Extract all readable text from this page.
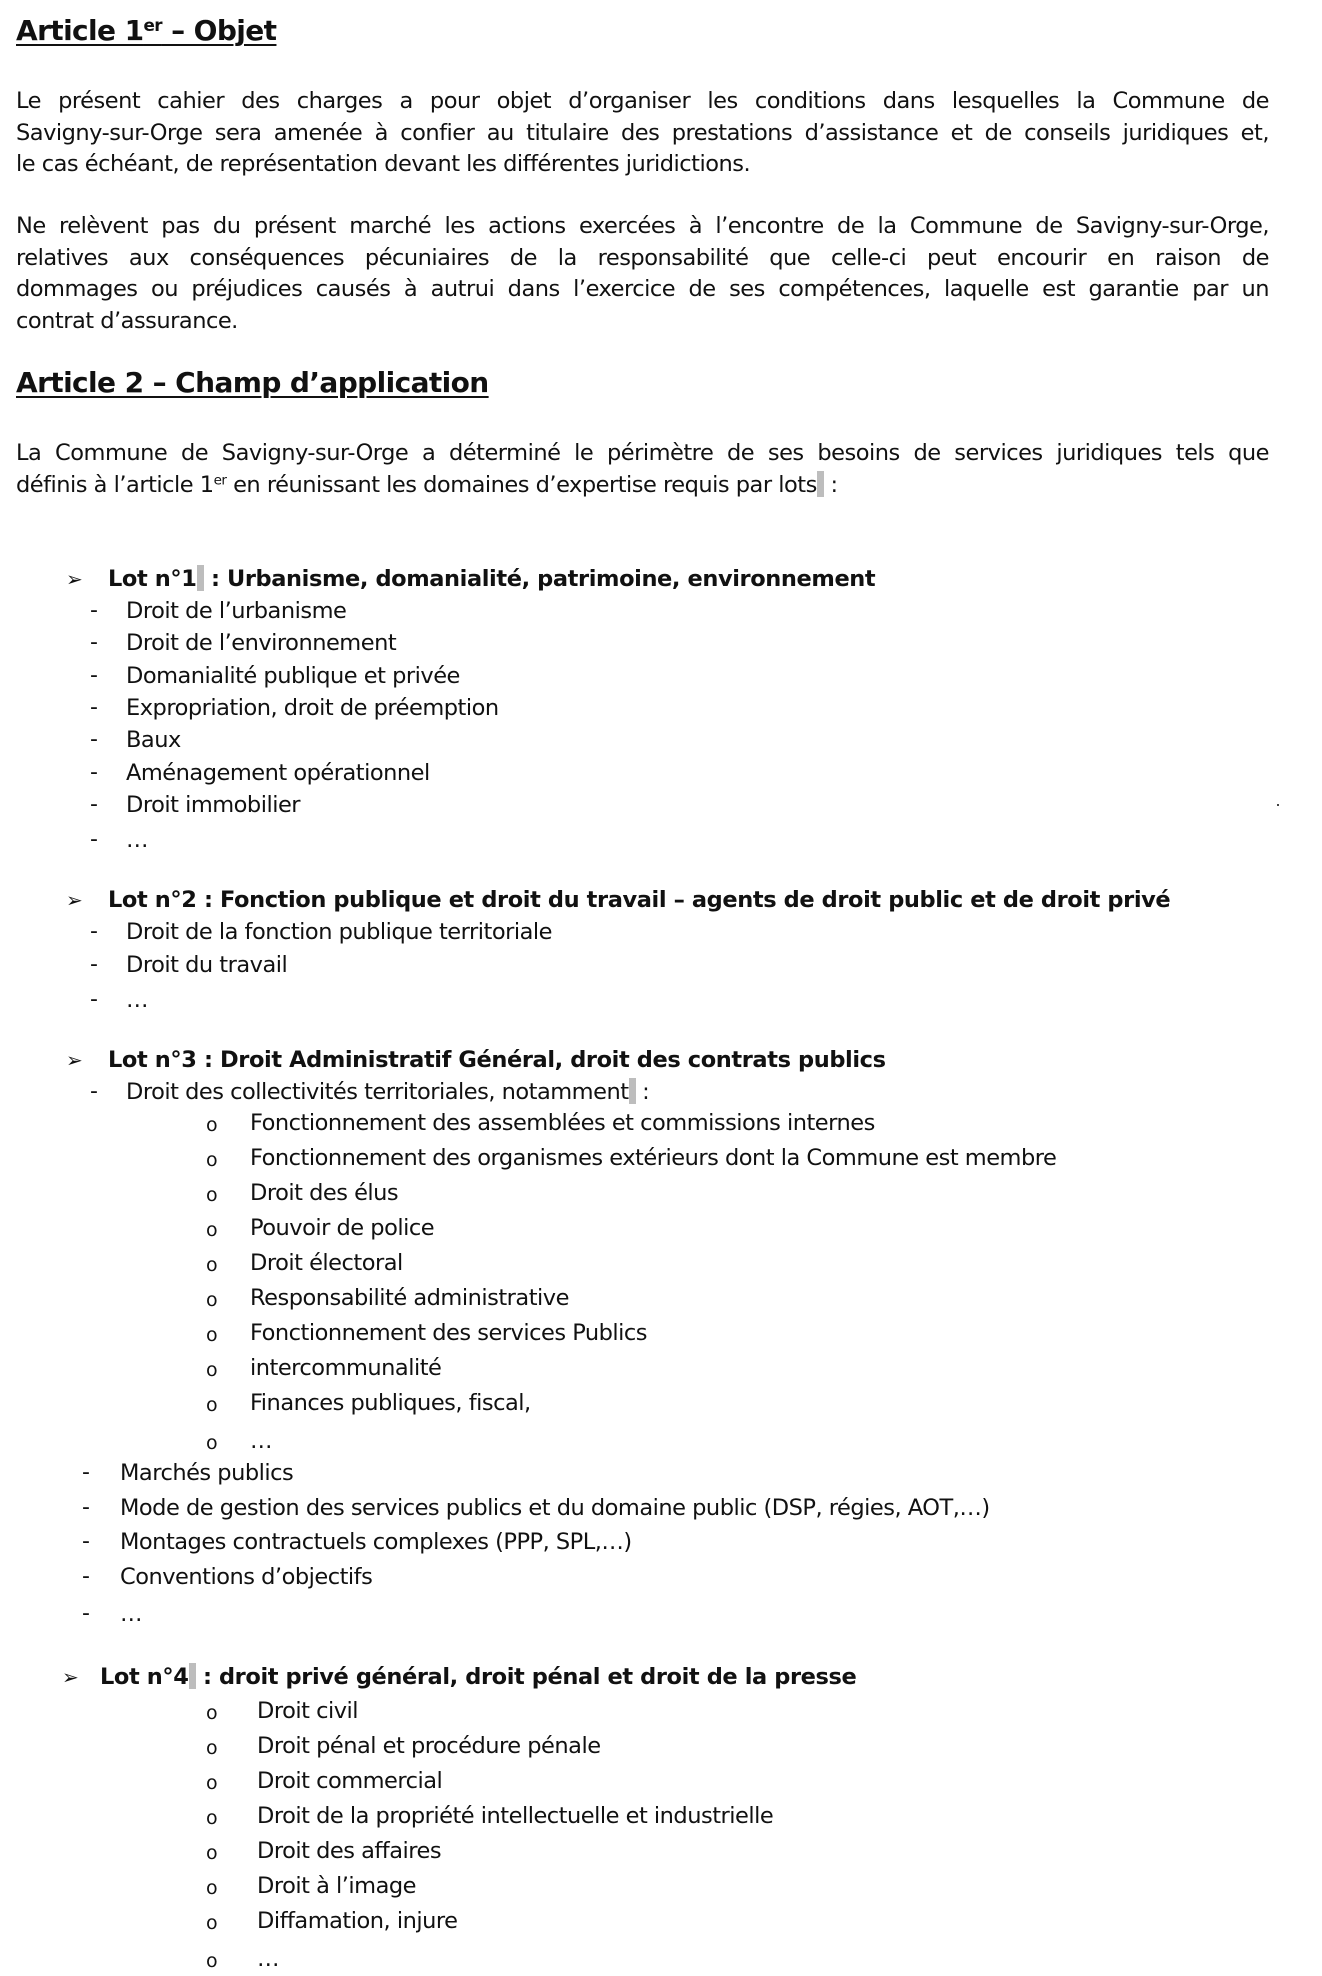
Article 1er – Objet
Le présent cahier des charges a pour objet d’organiser les conditions dans lesquelles la Commune de
Savigny-sur-Orge sera amenée à confier au titulaire des prestations d’assistance et de conseils juridiques et,
le cas échéant, de représentation devant les différentes juridictions.
Ne relèvent pas du présent marché les actions exercées à l’encontre de la Commune de Savigny-sur-Orge,
relatives aux conséquences pécuniaires de la responsabilité que celle-ci peut encourir en raison de
dommages ou préjudices causés à autrui dans l’exercice de ses compétences, laquelle est garantie par un
contrat d’assurance.
Article 2 – Champ d’application
La Commune de Savigny-sur-Orge a déterminé le périmètre de ses besoins de services juridiques tels que
définis à l’article 1er en réunissant les domaines d’expertise requis par lots :
➢ Lot n°1 : Urbanisme, domanialité, patrimoine, environnement
➢ Lot n°2 : Fonction publique et droit du travail – agents de droit public et de droit privé
➢ Lot n°3 : Droit Administratif Général, droit des contrats publics
- Droit des collectivités territoriales, notamment :
➢ Lot n°4 : droit privé général, droit pénal et droit de la presse
- Droit de l’urbanisme
- Droit de l’environnement
- Domanialité publique et privée
- Expropriation, droit de préemption
- Baux
- Aménagement opérationnel
- Droit immobilier
- …
- Droit de la fonction publique territoriale
- Droit du travail
- …
o Fonctionnement des assemblées et commissions internes
o Fonctionnement des organismes extérieurs dont la Commune est membre
o Droit des élus
o Pouvoir de police
o Droit électoral
o Responsabilité administrative
o Fonctionnement des services Publics
o intercommunalité
o Finances publiques, fiscal,
o …
- Marchés publics
- Mode de gestion des services publics et du domaine public (DSP, régies, AOT,…)
- Montages contractuels complexes (PPP, SPL,…)
- Conventions d’objectifs
- …
o Droit civil
o Droit pénal et procédure pénale
o Droit commercial
o Droit de la propriété intellectuelle et industrielle
o Droit des affaires
o Droit à l’image
o Diffamation, injure
o …
